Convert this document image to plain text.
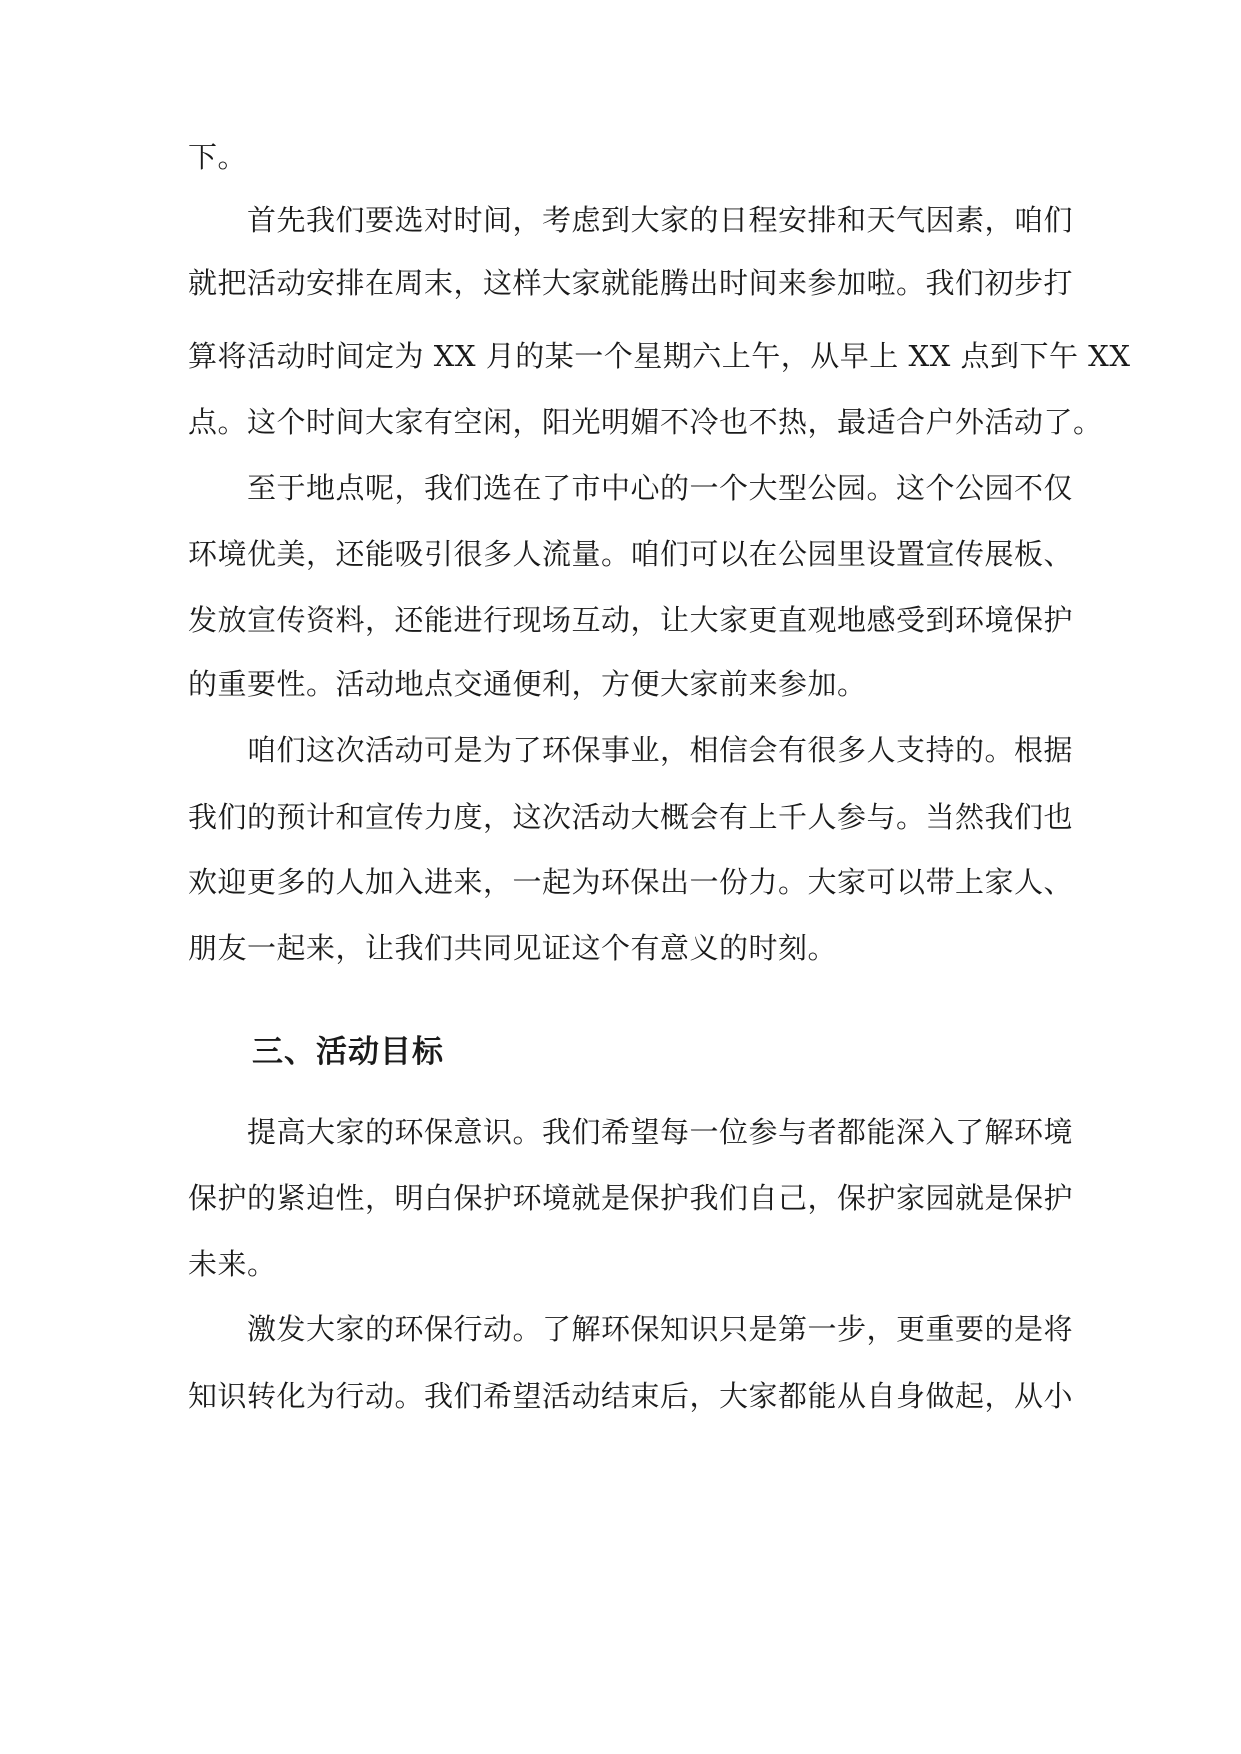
下。
首先我们要选对时间，考虑到大家的日程安排和天气因素，咱们
就把活动安排在周末，这样大家就能腾出时间来参加啦。我们初步打
算将活动时间定为 XX 月的某一个星期六上午，从早上 XX 点到下午 XX
点。这个时间大家有空闲，阳光明媚不冷也不热，最适合户外活动了。
至于地点呢，我们选在了市中心的一个大型公园。这个公园不仅
环境优美，还能吸引很多人流量。咱们可以在公园里设置宣传展板、
发放宣传资料，还能进行现场互动，让大家更直观地感受到环境保护
的重要性。活动地点交通便利，方便大家前来参加。
咱们这次活动可是为了环保事业，相信会有很多人支持的。根据
我们的预计和宣传力度，这次活动大概会有上千人参与。当然我们也
欢迎更多的人加入进来，一起为环保出一份力。大家可以带上家人、
朋友一起来，让我们共同见证这个有意义的时刻。
三、活动目标
提高大家的环保意识。我们希望每一位参与者都能深入了解环境
保护的紧迫性，明白保护环境就是保护我们自己，保护家园就是保护
未来。
激发大家的环保行动。了解环保知识只是第一步，更重要的是将
知识转化为行动。我们希望活动结束后，大家都能从自身做起，从小
